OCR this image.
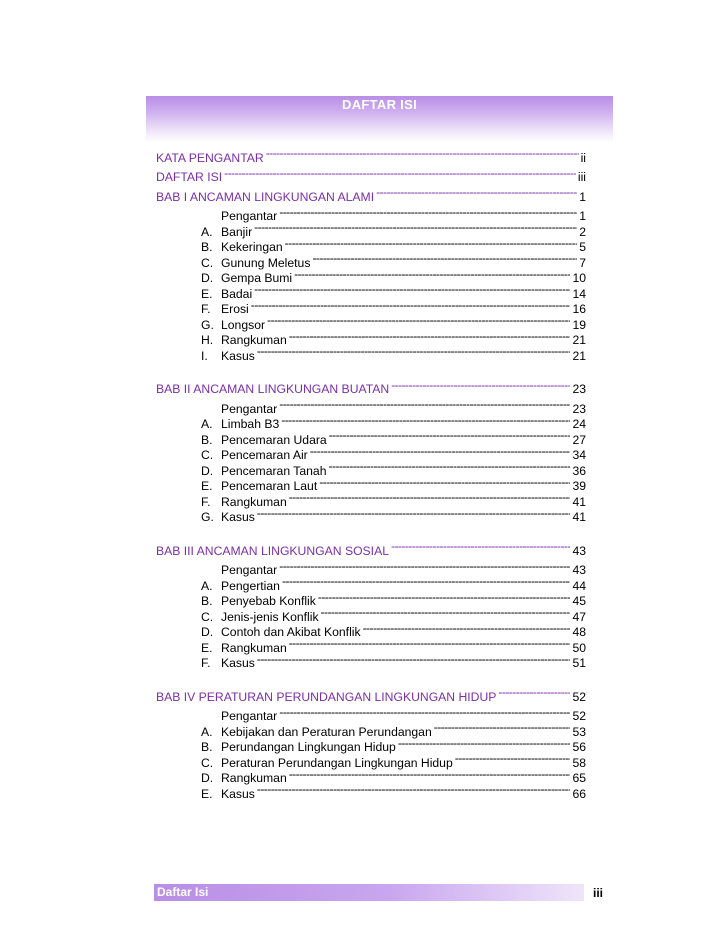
DAFTAR ISI
KATA PENGANTAR -----	ii
DAFTAR ISI -----	iii
BAB I ANCAMAN LINGKUNGAN ALAMI -----	1
Pengantar -----	1
A. Banjir -----	2
B. Kekeringan -----	5
C. Gunung Meletus -----	7
D. Gempa Bumi -----	10
E. Badai -----	14
F. Erosi -----	16
G. Longsor -----	19
H. Rangkuman -----	21
I.	Kasus -----	21
BAB II ANCAMAN LINGKUNGAN BUATAN -----	23
Pengantar -----	23
A. Limbah B3 -----	24
B. Pencemaran Udara -----	27
C. Pencemaran Air -----	34
D. Pencemaran Tanah -----	36
E. Pencemaran Laut -----	39
F. Rangkuman -----	41
G. Kasus -----	41
BAB III ANCAMAN LINGKUNGAN SOSIAL -----	43
Pengantar -----	43
A. Pengertian -----	44
B. Penyebab Konflik -----	45
C. Jenis-jenis Konflik -----	47
D. Contoh dan Akibat Konflik -----	48
E. Rangkuman -----	50
F. Kasus -----	51
BAB IV PERATURAN PERUNDANGAN LINGKUNGAN HIDUP -----	52
Pengantar -----	52
A. Kebijakan dan Peraturan Perundangan -----	53
B. Perundangan Lingkungan Hidup -----	56
C. Peraturan Perundangan Lingkungan Hidup -----	58
D. Rangkuman -----	65
E. Kasus -----	66
Daftar Isi	iii
